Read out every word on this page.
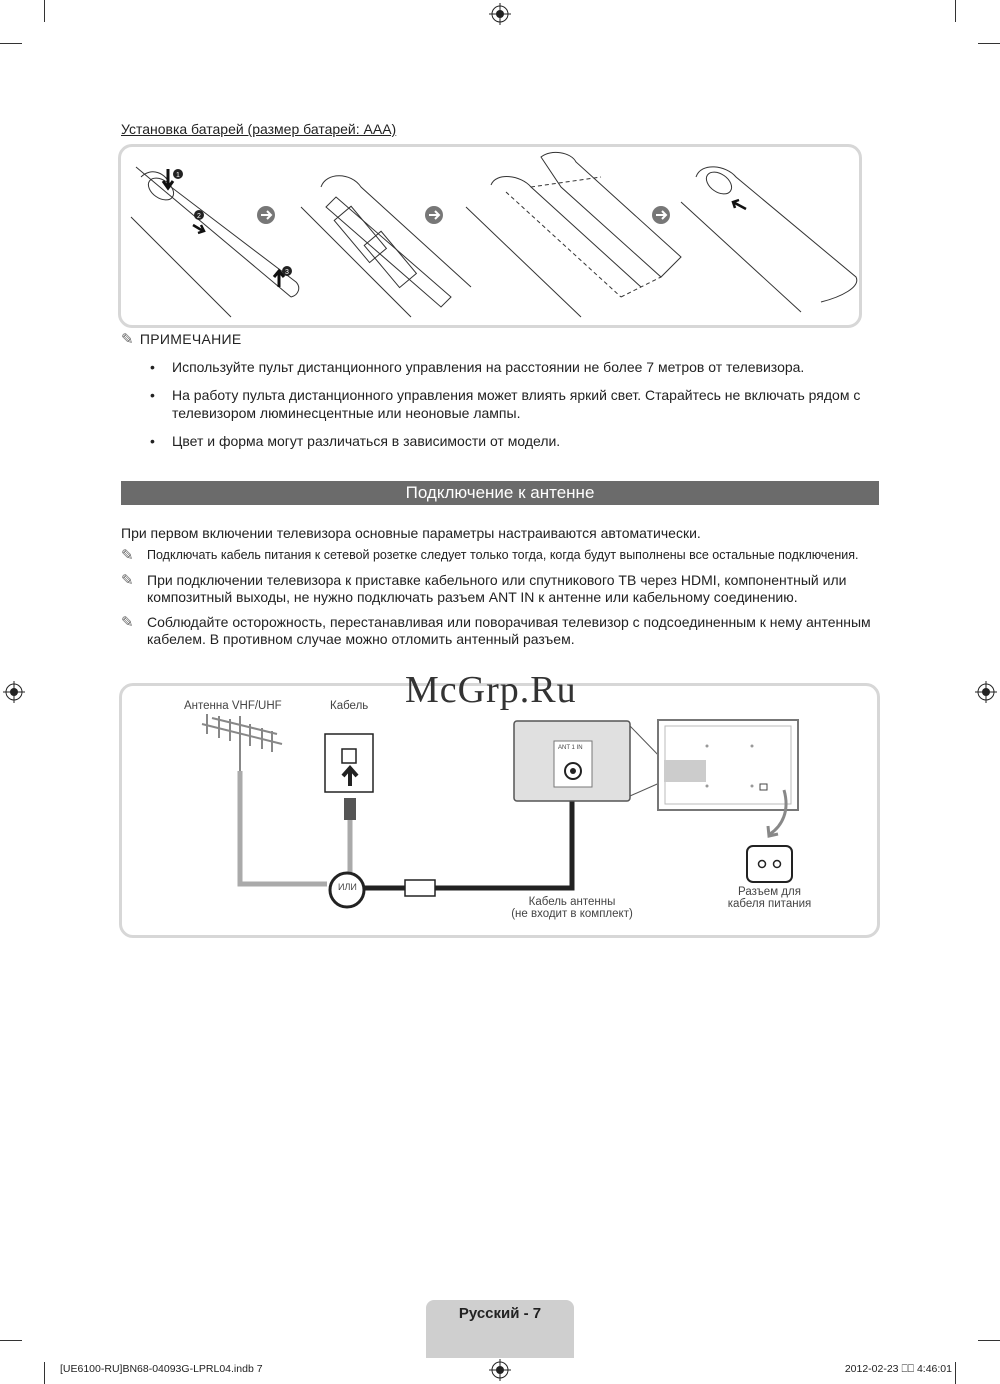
Установка батарей (размер батарей: AAA)
1
2
3
✎ ПРИМЕЧАНИЕ
• Используйте пульт дистанционного управления на расстоянии не более 7 метров от телевизора.
• На работу пульта дистанционного управления может влиять яркий свет. Старайтесь не включать рядом с телевизором люминесцентные или неоновые лампы.
• Цвет и форма могут различаться в зависимости от модели.
Подключение к антенне
При первом включении телевизора основные параметры настраиваются автоматически.
✎ Подключать кабель питания к сетевой розетке следует только тогда, когда будут выполнены все остальные подключения.
✎ При подключении телевизора к приставке кабельного или спутникового ТВ через HDMI, компонентный или композитный выходы, не нужно подключать разъем ANT IN к антенне или кабельному соединению.
✎ Соблюдайте осторожность, перестанавливая или поворачивая телевизор с подсоединенным к нему антенным кабелем. В противном случае можно отломить антенный разъем.
Антенна VHF/UHF	Кабель
ИЛИ
ANT 1 IN
Кабель антенны
(не входит в комплект)
Разъем для
кабеля питания
McGrp.Ru
Русский - 7
[UE6100-RU]BN68-04093G-LPRL04.indb 7	2012-02-23 ⎕⎕ 4:46:01
